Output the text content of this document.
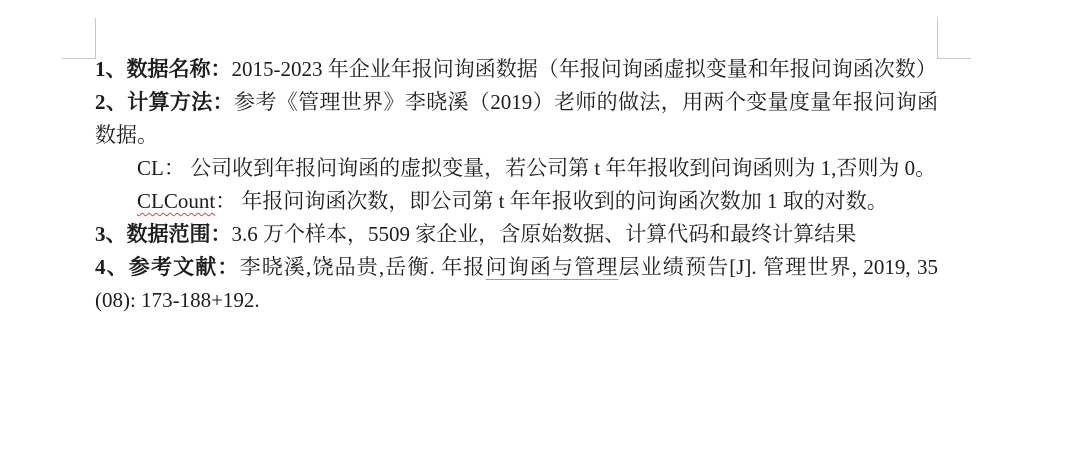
1、数据名称：2015-2023 年企业年报问询函数据（年报问询函虚拟变量和年报问询函次数）

2、计算方法：参考《管理世界》李晓溪（2019）老师的做法，用两个变量度量年报问询函数据。

CL： 公司收到年报问询函的虚拟变量，若公司第 t 年年报收到问询函则为 1,否则为 0。

CLCount： 年报问询函次数，即公司第 t 年年报收到的问询函次数加 1 取的对数。

3、数据范围：3.6 万个样本，5509 家企业，含原始数据、计算代码和最终计算结果

4、参考文献：李晓溪,饶品贵,岳衡. 年报问询函与管理层业绩预告[J]. 管理世界, 2019, 35 (08): 173-188+192.
